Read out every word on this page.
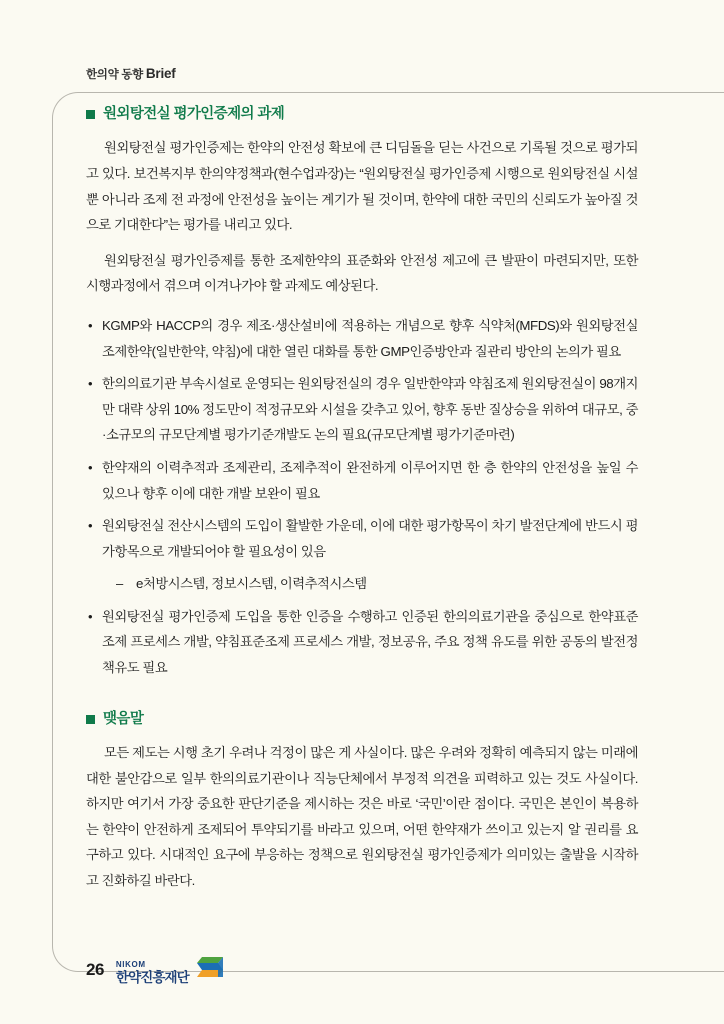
한의약 동향 Brief
원외탕전실 평가인증제의 과제

원외탕전실 평가인증제는 한약의 안전성 확보에 큰 디딤돌을 딛는 사건으로 기록될 것으로 평가되고 있다. 보건복지부 한의약정책과(현수업과장)는 “원외탕전실 평가인증제 시행으로 원외탕전실 시설뿐 아니라 조제 전 과정에 안전성을 높이는 계기가 될 것이며, 한약에 대한 국민의 신뢰도가 높아질 것으로 기대한다”는 평가를 내리고 있다.

원외탕전실 평가인증제를 통한 조제한약의 표준화와 안전성 제고에 큰 발판이 마련되지만, 또한 시행과정에서 겪으며 이겨나가야 할 과제도 예상된다.

• KGMP와 HACCP의 경우 제조·생산설비에 적용하는 개념으로 향후 식약처(MFDS)와 원외탕전실 조제한약(일반한약, 약침)에 대한 열린 대화를 통한 GMP인증방안과 질관리 방안의 논의가 필요
• 한의의료기관 부속시설로 운영되는 원외탕전실의 경우 일반한약과 약침조제 원외탕전실이 98개지만 대략 상위 10% 정도만이 적정규모와 시설을 갖추고 있어, 향후 동반 질상승을 위하여 대규모, 중·소규모의 규모단계별 평가기준개발도 논의 필요(규모단계별 평가기준마련)
• 한약재의 이력추적과 조제관리, 조제추적이 완전하게 이루어지면 한 층 한약의 안전성을 높일 수 있으나 향후 이에 대한 개발 보완이 필요
• 원외탕전실 전산시스템의 도입이 활발한 가운데, 이에 대한 평가항목이 차기 발전단계에 반드시 평가항목으로 개발되어야 할 필요성이 있음
– e처방시스템, 정보시스템, 이력추적시스템
• 원외탕전실 평가인증제 도입을 통한 인증을 수행하고 인증된 한의의료기관을 중심으로 한약표준조제 프로세스 개발, 약침표준조제 프로세스 개발, 정보공유, 주요 정책 유도를 위한 공동의 발전정책유도 필요
맺음말

모든 제도는 시행 초기 우려나 걱정이 많은 게 사실이다. 많은 우려와 정확히 예측되지 않는 미래에 대한 불안감으로 일부 한의의료기관이나 직능단체에서 부정적 의견을 피력하고 있는 것도 사실이다. 하지만 여기서 가장 중요한 판단기준을 제시하는 것은 바로 ‘국민’이란 점이다. 국민은 본인이 복용하는 한약이 안전하게 조제되어 투약되기를 바라고 있으며, 어떤 한약재가 쓰이고 있는지 알 권리를 요구하고 있다. 시대적인 요구에 부응하는 정책으로 원외탕전실 평가인증제가 의미있는 출발을 시작하고 진화하길 바란다.

26 NIKOM
한약진흥재단
